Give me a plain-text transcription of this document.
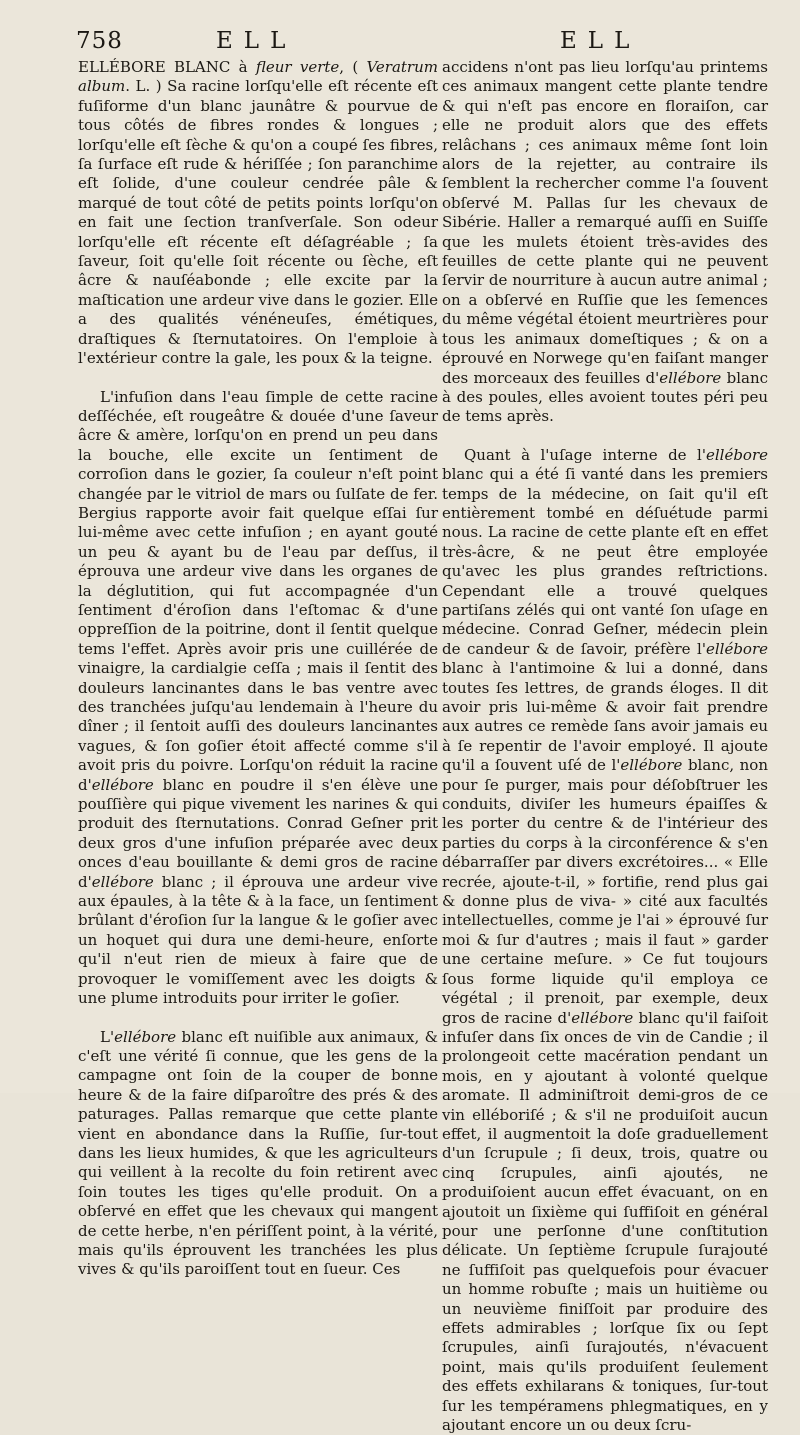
758	ELL	ELL

ELLÉBORE BLANC à fleur verte, ( Veratrum album. L. ) Sa racine lorſqu'elle eſt récente eſt fuſiforme d'un blanc jaunâtre & pourvue de tous côtés de fibres rondes & longues ; lorſqu'elle eſt ſèche & qu'on a coupé ſes fibres, ſa ſurface eſt rude & hériſſée ; ſon paranchime eſt ſolide, d'une couleur cendrée pâle & marqué de tout côté de petits points lorſqu'on en fait une ſection tranſverſale. Son odeur lorſqu'elle eſt récente eſt déſagréable ; ſa ſaveur, ſoit qu'elle ſoit récente ou ſèche, eſt âcre & nauſéabonde ; elle excite par la maſtication une ardeur vive dans le gozier. Elle a des qualités vénéneuſes, émétiques, draſtiques & ſternutatoires. On l'emploie à l'extérieur contre la gale, les poux & la teigne.

L'infuſion dans l'eau ſimple de cette racine deſſéchée, eſt rougeâtre & douée d'une ſaveur âcre & amère, lorſqu'on en prend un peu dans la bouche, elle excite un ſentiment de corroſion dans le gozier, ſa couleur n'eſt point changée par le vitriol de mars ou ſulſate de fer. Bergius rapporte avoir fait quelque eſſai ſur lui-même avec cette infuſion ; en ayant gouté un peu & ayant bu de l'eau par deſſus, il éprouva une ardeur vive dans les organes de la déglutition, qui fut accompagnée d'un ſentiment d'éroſion dans l'eſtomac & d'une oppreſſion de la poitrine, dont il ſentit quelque tems l'effet. Après avoir pris une cuillérée de vinaigre, la cardialgie ceſſa ; mais il ſentit des douleurs lancinantes dans le bas ventre avec des tranchées juſqu'au lendemain à l'heure du dîner ; il ſentoit auſſi des douleurs lancinantes vagues, & ſon goſier étoit affecté comme s'il avoit pris du poivre. Lorſqu'on réduit la racine d'ellébore blanc en poudre il s'en élève une pouſſière qui pique vivement les narines & qui produit des ſternutations. Conrad Geſner prit deux gros d'une infuſion préparée avec deux onces d'eau bouillante & demi gros de racine d'ellébore blanc ; il éprouva une ardeur vive aux épaules, à la tête & à la face, un ſentiment brûlant d'éroſion ſur la langue & le goſier avec un hoquet qui dura une demi-heure, enſorte qu'il n'eut rien de mieux à faire que de provoquer le vomiſſement avec les doigts & une plume introduits pour irriter le goſier.

L'ellébore blanc eſt nuiſible aux animaux, & c'eſt une vérité ſi connue, que les gens de la campagne ont ſoin de la couper de bonne heure & de la faire diſparoître des prés & des paturages. Pallas remarque que cette plante vient en abondance dans la Ruſſie, ſur-tout dans les lieux humides, & que les agriculteurs qui veillent à la recolte du foin retirent avec ſoin toutes les tiges qu'elle produit. On a obſervé en effet que les chevaux qui mangent de cette herbe, n'en périſſent point, à la vérité, mais qu'ils éprouvent les tranchées les plus vives & qu'ils paroiſſent tout en ſueur. Ces

accidens n'ont pas lieu lorſqu'au printems ces animaux mangent cette plante tendre & qui n'eſt pas encore en floraiſon, car elle ne produit alors que des effets relâchans ; ces animaux même ſont loin alors de la rejetter, au contraire ils ſemblent la rechercher comme l'a ſouvent obſervé M. Pallas ſur les chevaux de Sibérie. Haller a remarqué auſſi en Suiſſe que les mulets étoient très-avides des feuilles de cette plante qui ne peuvent ſervir de nourriture à aucun autre animal ; on a obſervé en Ruſſie que les ſemences du même végétal étoient meurtrières pour tous les animaux domeſtiques ; & on a éprouvé en Norwege qu'en faiſant manger des morceaux des feuilles d'ellébore blanc à des poules, elles avoient toutes péri peu de tems après.

Quant à l'uſage interne de l'ellébore blanc qui a été ſi vanté dans les premiers temps de la médecine, on ſait qu'il eſt entièrement tombé en déſuétude parmi nous. La racine de cette plante eſt en effet très-âcre, & ne peut être employée qu'avec les plus grandes reſtrictions. Cependant elle a trouvé quelques partiſans zélés qui ont vanté ſon uſage en médecine. Conrad Geſner, médecin plein de candeur & de ſavoir, préfère l'ellébore blanc à l'antimoine & lui a donné, dans toutes ſes lettres, de grands éloges. Il dit avoir pris lui-même & avoir fait prendre aux autres ce remède ſans avoir jamais eu à ſe repentir de l'avoir employé. Il ajoute qu'il a ſouvent uſé de l'ellébore blanc, non pour ſe purger, mais pour déſobſtruer les conduits, diviſer les humeurs épaiſſes & les porter du centre & de l'intérieur des parties du corps à la circonférence & s'en débarraſſer par divers excrétoires... « Elle recrée, ajoute-t-il, » fortifie, rend plus gai & donne plus de viva- » cité aux facultés intellectuelles, comme je l'ai » éprouvé ſur moi & ſur d'autres ; mais il faut » garder une certaine meſure. » Ce fut toujours ſous forme liquide qu'il employa ce végétal ; il prenoit, par exemple, deux gros de racine d'ellébore blanc qu'il faiſoit infuſer dans ſix onces de vin de Candie ; il prolongeoit cette macération pendant un mois, en y ajoutant à volonté quelque aromate. Il adminiſtroit demi-gros de ce vin elléboriſé ; & s'il ne produiſoit aucun effet, il augmentoit la doſe graduellement d'un ſcrupule ; ſi deux, trois, quatre ou cinq ſcrupules, ainſi ajoutés, ne produiſoient aucun effet évacuant, on en ajoutoit un ſixième qui ſuffiſoit en général pour une perſonne d'une conſtitution délicate. Un ſeptième ſcrupule ſurajouté ne ſuffiſoit pas quelquefois pour évacuer un homme robuſte ; mais un huitième ou un neuvième finiſſoit par produire des effets admirables ; lorſque ſix ou ſept ſcrupules, ainſi ſurajoutés, n'évacuent point, mais qu'ils produiſent ſeulement des effets exhilarans & toniques, ſur-tout ſur les tempéramens phlegmatiques, en y ajoutant encore un ou deux ſcru-
